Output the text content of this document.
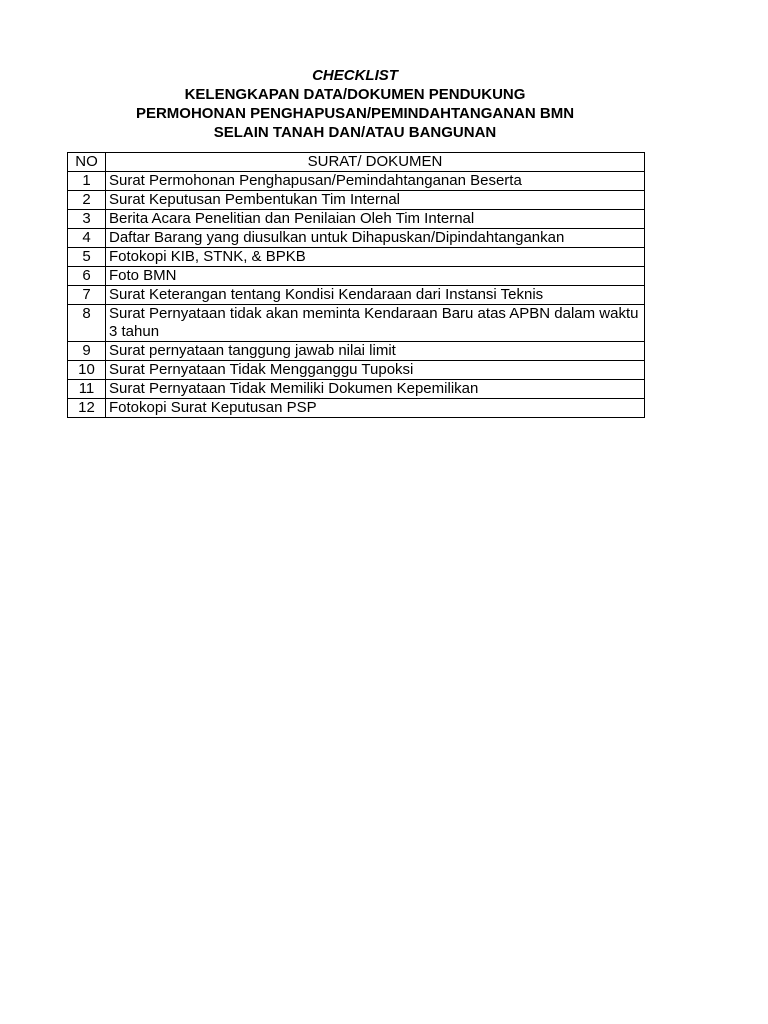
CHECKLIST
KELENGKAPAN DATA/DOKUMEN PENDUKUNG
PERMOHONAN PENGHAPUSAN/PEMINDAHTANGANAN BMN
SELAIN TANAH DAN/ATAU BANGUNAN
NO	SURAT/ DOKUMEN
1	Surat Permohonan Penghapusan/Pemindahtanganan Beserta
2	Surat Keputusan Pembentukan Tim Internal
3	Berita Acara Penelitian dan Penilaian Oleh Tim Internal
4	Daftar Barang yang diusulkan untuk Dihapuskan/Dipindahtangankan
5	Fotokopi KIB, STNK, & BPKB
6	Foto BMN
7	Surat Keterangan tentang Kondisi Kendaraan dari Instansi Teknis
8	Surat Pernyataan tidak akan meminta Kendaraan Baru atas APBN dalam waktu 3 tahun
9	Surat pernyataan tanggung jawab nilai limit
10	Surat Pernyataan Tidak Mengganggu Tupoksi
11	Surat Pernyataan Tidak Memiliki Dokumen Kepemilikan
12	Fotokopi Surat Keputusan PSP
